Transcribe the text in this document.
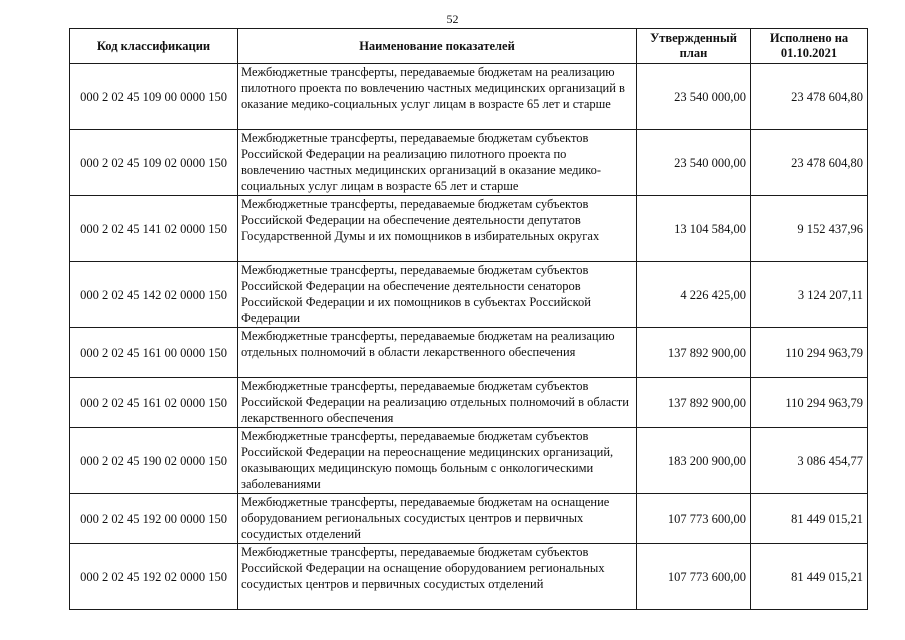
52
Код классификации	Наименование показателей	Утвержденный план	Исполнено на 01.10.2021
000 2 02 45 109 00 0000 150	Межбюджетные трансферты, передаваемые бюджетам на реализацию пилотного проекта по вовлечению частных медицинских организаций в оказание медико-социальных услуг лицам в возрасте 65 лет и старше	23 540 000,00	23 478 604,80
000 2 02 45 109 02 0000 150	Межбюджетные трансферты, передаваемые бюджетам субъектов Российской Федерации на реализацию пилотного проекта по вовлечению частных медицинских организаций в оказание медико-социальных услуг лицам в возрасте 65 лет и старше	23 540 000,00	23 478 604,80
000 2 02 45 141 02 0000 150	Межбюджетные трансферты, передаваемые бюджетам субъектов Российской Федерации на обеспечение деятельности депутатов Государственной Думы и их помощников в избирательных округах	13 104 584,00	9 152 437,96
000 2 02 45 142 02 0000 150	Межбюджетные трансферты, передаваемые бюджетам субъектов Российской Федерации на обеспечение деятельности сенаторов Российской Федерации и их помощников в субъектах Российской Федерации	4 226 425,00	3 124 207,11
000 2 02 45 161 00 0000 150	Межбюджетные трансферты, передаваемые бюджетам на реализацию отдельных полномочий в области лекарственного обеспечения	137 892 900,00	110 294 963,79
000 2 02 45 161 02 0000 150	Межбюджетные трансферты, передаваемые бюджетам субъектов Российской Федерации на реализацию отдельных полномочий в области лекарственного обеспечения	137 892 900,00	110 294 963,79
000 2 02 45 190 02 0000 150	Межбюджетные трансферты, передаваемые бюджетам субъектов Российской Федерации на переоснащение медицинских организаций, оказывающих медицинскую помощь больным с онкологическими заболеваниями	183 200 900,00	3 086 454,77
000 2 02 45 192 00 0000 150	Межбюджетные трансферты, передаваемые бюджетам на оснащение оборудованием региональных сосудистых центров и первичных сосудистых отделений	107 773 600,00	81 449 015,21
000 2 02 45 192 02 0000 150	Межбюджетные трансферты, передаваемые бюджетам субъектов Российской Федерации на оснащение оборудованием региональных сосудистых центров и первичных сосудистых отделений	107 773 600,00	81 449 015,21
